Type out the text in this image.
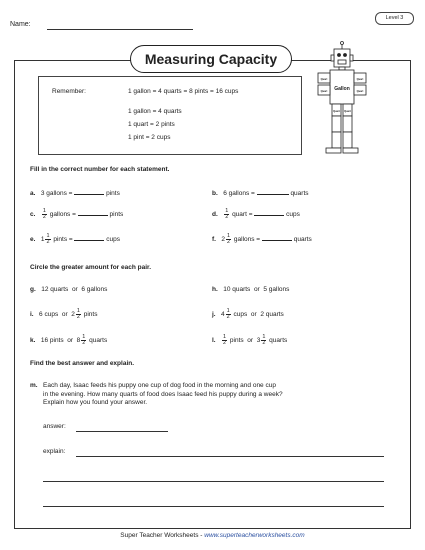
Name:
Level 3
Measuring Capacity
Remember:	1 gallon = 4 quarts = 8 pints = 16 cups
1 gallon = 4 quarts
1 quart = 2 pints
1 pint = 2 cups
Gallon
Quart
Quart
Quart
Quart
Quart Quart
Fill in the correct number for each statement.
a. 3 gallons =	pints	b. 6 gallons =	quarts
c. $\frac{1}{2}$ gallons =	pints	d. $\frac{1}{2}$ quart =	cups
e. $1 \frac{1}{2}$ pints =	cups	f. $2 \frac{1}{2}$ gallons =	quarts
Circle the greater amount for each pair.
g. 12 quarts or 6 gallons	h. 10 quarts or 5 gallons
i. 6 cups or $2 \frac{1}{2}$ pints	j. $4 \frac{1}{2}$ cups or 2 quarts
k. 16 pints or $8 \frac{1}{2}$ quarts	l. $\frac{1}{2}$ pints or $3 \frac{1}{2}$ quarts
Find the best answer and explain.
m. Each day, Isaac feeds his puppy one cup of dog food in the morning and one cup
in the evening. How many quarts of food does Isaac feed his puppy during a week?
Explain how you found your answer.
answer:
explain:
Super Teacher Worksheets - www.superteacherworksheets.com
